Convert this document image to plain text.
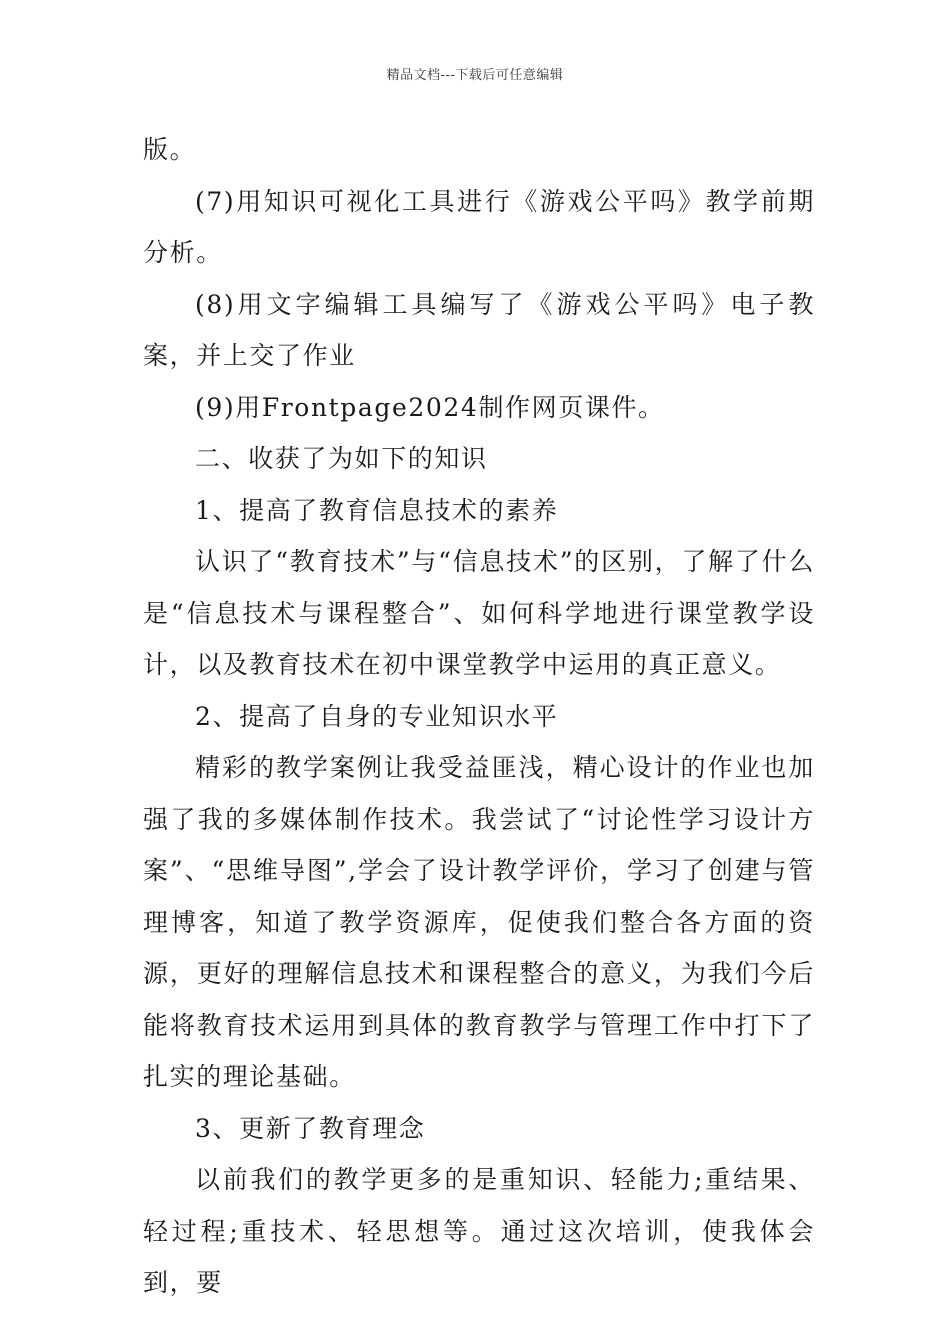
精品文档---下载后可任意编辑

版。

(7)用知识可视化工具进行《游戏公平吗》教学前期分析。

(8)用文字编辑工具编写了《游戏公平吗》电子教案，并上交了作业

(9)用Frontpage2024制作网页课件。

二、收获了为如下的知识

1、提高了教育信息技术的素养

认识了“教育技术”与“信息技术”的区别，了解了什么是“信息技术与课程整合”、如何科学地进行课堂教学设计，以及教育技术在初中课堂教学中运用的真正意义。

2、提高了自身的专业知识水平

精彩的教学案例让我受益匪浅，精心设计的作业也加强了我的多媒体制作技术。我尝试了“讨论性学习设计方案”、“思维导图”,学会了设计教学评价，学习了创建与管理博客，知道了教学资源库，促使我们整合各方面的资源，更好的理解信息技术和课程整合的意义，为我们今后能将教育技术运用到具体的教育教学与管理工作中打下了扎实的理论基础。

3、更新了教育理念

以前我们的教学更多的是重知识、轻能力;重结果、轻过程;重技术、轻思想等。通过这次培训，使我体会到，要
